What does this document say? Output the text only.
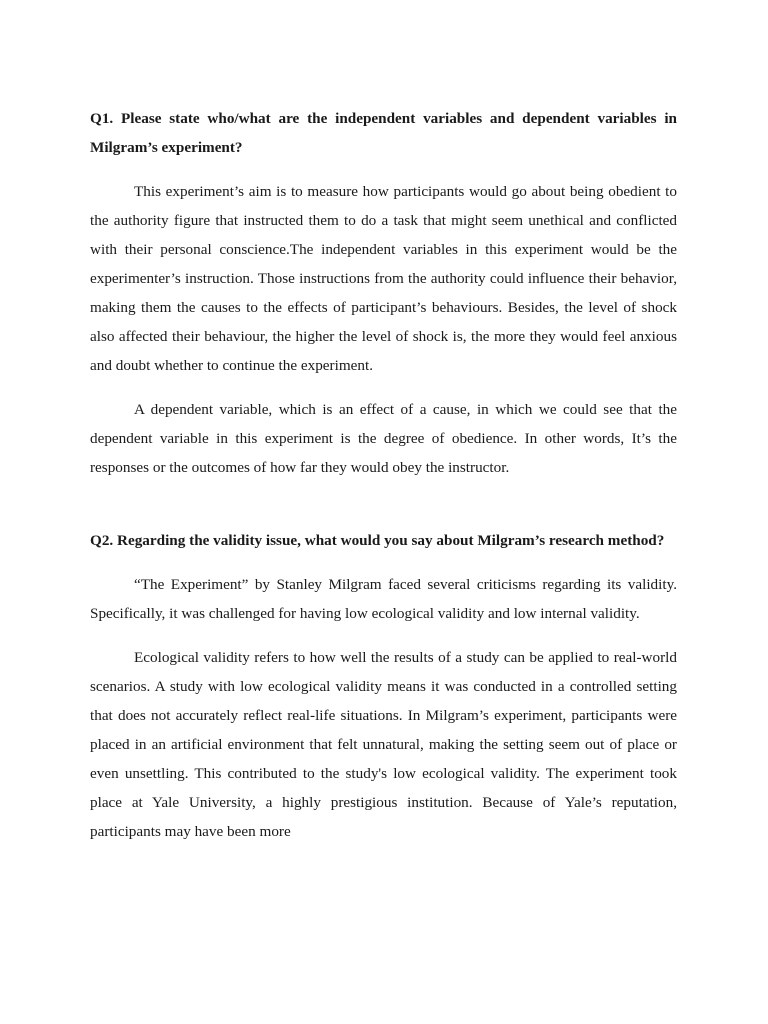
Q1. Please state who/what are the independent variables and dependent variables in Milgram’s experiment?

This experiment’s aim is to measure how participants would go about being obedient to the authority figure that instructed them to do a task that might seem unethical and conflicted with their personal conscience.The independent variables in this experiment would be the experimenter’s instruction. Those instructions from the authority could influence their behavior, making them the causes to the effects of participant’s behaviours. Besides, the level of shock also affected their behaviour, the higher the level of shock is, the more they would feel anxious and doubt whether to continue the experiment.

A dependent variable, which is an effect of a cause, in which we could see that the dependent variable in this experiment is the degree of obedience. In other words, It’s the responses or the outcomes of how far they would obey the instructor.

Q2. Regarding the validity issue, what would you say about Milgram’s research method?

“The Experiment” by Stanley Milgram faced several criticisms regarding its validity. Specifically, it was challenged for having low ecological validity and low internal validity.

Ecological validity refers to how well the results of a study can be applied to real-world scenarios. A study with low ecological validity means it was conducted in a controlled setting that does not accurately reflect real-life situations. In Milgram’s experiment, participants were placed in an artificial environment that felt unnatural, making the setting seem out of place or even unsettling. This contributed to the study's low ecological validity. The experiment took place at Yale University, a highly prestigious institution. Because of Yale’s reputation, participants may have been more
